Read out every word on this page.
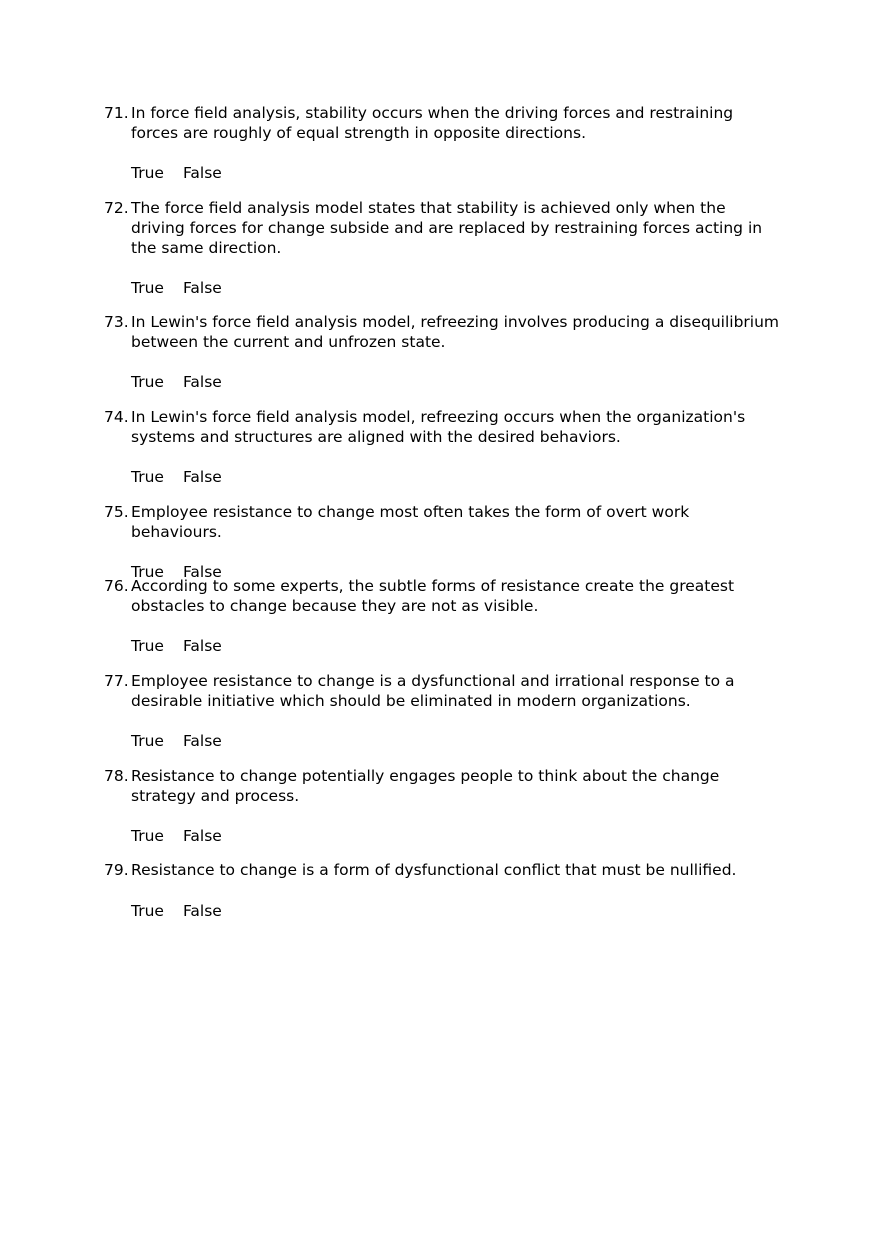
71. In force field analysis, stability occurs when the driving forces and restraining forces are roughly of equal strength in opposite directions.
True False
72. The force field analysis model states that stability is achieved only when the driving forces for change subside and are replaced by restraining forces acting in the same direction.
True False
73. In Lewin's force field analysis model, refreezing involves producing a disequilibrium between the current and unfrozen state.
True False
74. In Lewin's force field analysis model, refreezing occurs when the organization's systems and structures are aligned with the desired behaviors.
True False
75. Employee resistance to change most often takes the form of overt work behaviours.
True False
76. According to some experts, the subtle forms of resistance create the greatest obstacles to change because they are not as visible.
True False
77. Employee resistance to change is a dysfunctional and irrational response to a desirable initiative which should be eliminated in modern organizations.
True False
78. Resistance to change potentially engages people to think about the change strategy and process.
True False
79. Resistance to change is a form of dysfunctional conflict that must be nullified.
True False
